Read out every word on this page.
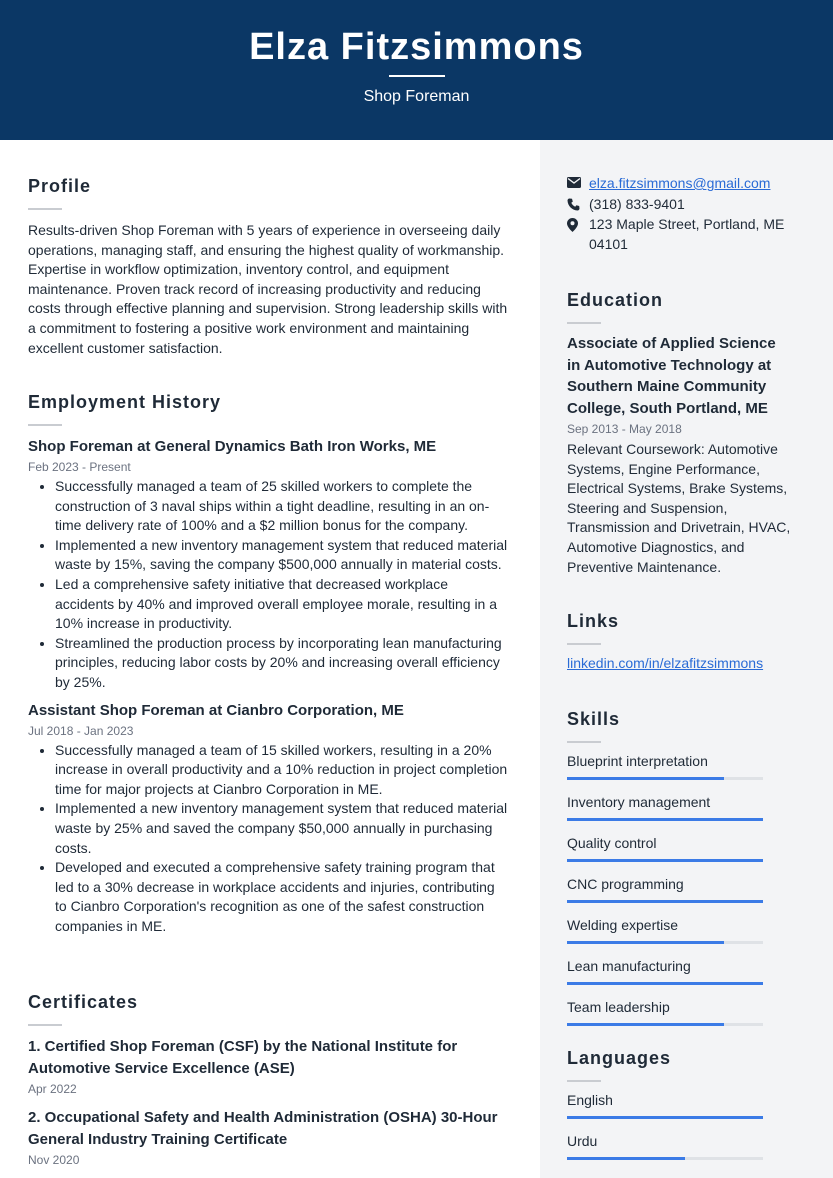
Elza Fitzsimmons
Shop Foreman
Profile

Results-driven Shop Foreman with 5 years of experience in overseeing daily operations, managing staff, and ensuring the highest quality of workmanship. Expertise in workflow optimization, inventory control, and equipment maintenance. Proven track record of increasing productivity and reducing costs through effective planning and supervision. Strong leadership skills with a commitment to fostering a positive work environment and maintaining excellent customer satisfaction.

Employment History
Shop Foreman at General Dynamics Bath Iron Works, ME
Feb 2023 - Present
• Successfully managed a team of 25 skilled workers to complete the construction of 3 naval ships within a tight deadline, resulting in an on-time delivery rate of 100% and a $2 million bonus for the company.
• Implemented a new inventory management system that reduced material waste by 15%, saving the company $500,000 annually in material costs.
• Led a comprehensive safety initiative that decreased workplace accidents by 40% and improved overall employee morale, resulting in a 10% increase in productivity.
• Streamlined the production process by incorporating lean manufacturing principles, reducing labor costs by 20% and increasing overall efficiency by 25%.
Assistant Shop Foreman at Cianbro Corporation, ME
Jul 2018 - Jan 2023
• Successfully managed a team of 15 skilled workers, resulting in a 20% increase in overall productivity and a 10% reduction in project completion time for major projects at Cianbro Corporation in ME.
• Implemented a new inventory management system that reduced material waste by 25% and saved the company $50,000 annually in purchasing costs.
• Developed and executed a comprehensive safety training program that led to a 30% decrease in workplace accidents and injuries, contributing to Cianbro Corporation's recognition as one of the safest construction companies in ME.
Certificates
1. Certified Shop Foreman (CSF) by the National Institute for Automotive Service Excellence (ASE)
Apr 2022
2. Occupational Safety and Health Administration (OSHA) 30-Hour General Industry Training Certificate
Nov 2020
elza.fitzsimmons@gmail.com
(318) 833-9401
123 Maple Street, Portland, ME 04101
Education
Associate of Applied Science in Automotive Technology at Southern Maine Community College, South Portland, ME
Sep 2013 - May 2018

Relevant Coursework: Automotive Systems, Engine Performance, Electrical Systems, Brake Systems, Steering and Suspension, Transmission and Drivetrain, HVAC, Automotive Diagnostics, and Preventive Maintenance.

Links
linkedin.com/in/elzafitzsimmons
Skills
Blueprint interpretation
Inventory management
Quality control
CNC programming
Welding expertise
Lean manufacturing
Team leadership
Languages
English
Urdu
